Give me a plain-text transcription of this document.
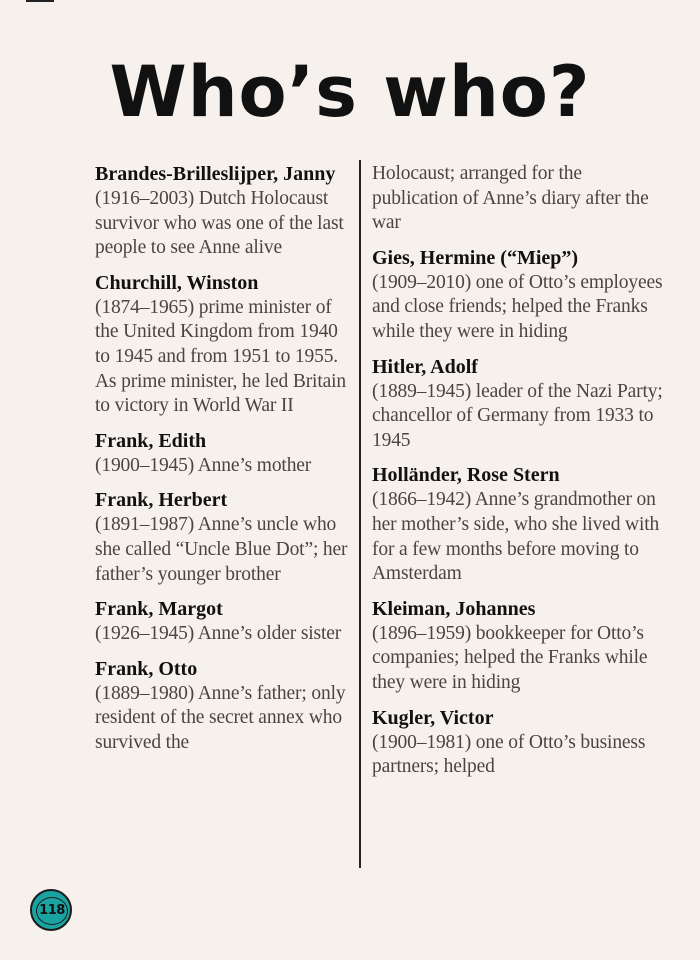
Who’s who?
Brandes-Brilleslijper, Janny
(1916–2003) Dutch Holocaust survivor who was one of the last people to see Anne alive
Churchill, Winston
(1874–1965) prime minister of the United Kingdom from 1940 to 1945 and from 1951 to 1955. As prime minister, he led Britain to victory in World War II
Frank, Edith
(1900–1945) Anne’s mother
Frank, Herbert
(1891–1987) Anne’s uncle who she called “Uncle Blue Dot”; her father’s younger brother
Frank, Margot
(1926–1945) Anne’s older sister
Frank, Otto
(1889–1980) Anne’s father; only resident of the secret annex who survived the
Holocaust; arranged for the publication of Anne’s diary after the war
Gies, Hermine (“Miep”)
(1909–2010) one of Otto’s employees and close friends; helped the Franks while they were in hiding
Hitler, Adolf
(1889–1945) leader of the Nazi Party; chancellor of Germany from 1933 to 1945
Holländer, Rose Stern
(1866–1942) Anne’s grandmother on her mother’s side, who she lived with for a few months before moving to Amsterdam
Kleiman, Johannes
(1896–1959) bookkeeper for Otto’s companies; helped the Franks while they were in hiding
Kugler, Victor
(1900–1981) one of Otto’s business partners; helped
118
